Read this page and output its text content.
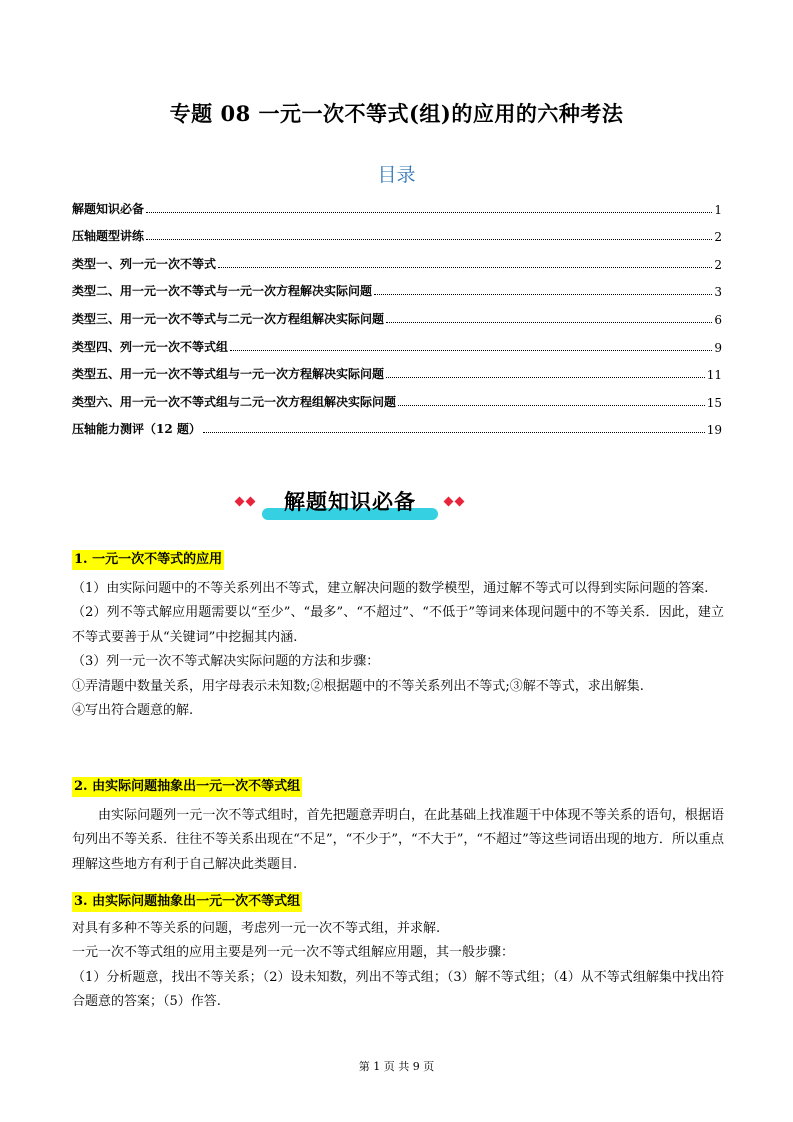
专题 08 一元一次不等式(组)的应用的六种考法
目录
解题知识必备	1
压轴题型讲练	2
类型一、列一元一次不等式	2
类型二、用一元一次不等式与一元一次方程解决实际问题	3
类型三、用一元一次不等式与二元一次方程组解决实际问题	6
类型四、列一元一次不等式组	9
类型五、用一元一次不等式组与一元一次方程解决实际问题	11
类型六、用一元一次不等式组与二元一次方程组解决实际问题	15
压轴能力测评（12 题）	19
解题知识必备
1. 一元一次不等式的应用

（1）由实际问题中的不等关系列出不等式，建立解决问题的数学模型，通过解不等式可以得到实际问题的答案.

（2）列不等式解应用题需要以“至少”、“最多”、“不超过”、“不低于”等词来体现问题中的不等关系．因此，建立不等式要善于从“关键词”中挖掘其内涵.

（3）列一元一次不等式解决实际问题的方法和步骤：

①弄清题中数量关系，用字母表示未知数;②根据题中的不等关系列出不等式;③解不等式，求出解集.

④写出符合题意的解.

2. 由实际问题抽象出一元一次不等式组

由实际问题列一元一次不等式组时，首先把题意弄明白，在此基础上找准题干中体现不等关系的语句，根据语句列出不等关系．往往不等关系出现在“不足”，“不少于”，“不大于”，“不超过”等这些词语出现的地方．所以重点理解这些地方有利于自己解决此类题目.

3. 由实际问题抽象出一元一次不等式组

对具有多种不等关系的问题，考虑列一元一次不等式组，并求解.

一元一次不等式组的应用主要是列一元一次不等式组解应用题，其一般步骤：

（1）分析题意，找出不等关系；（2）设未知数，列出不等式组；（3）解不等式组；（4）从不等式组解集中找出符合题意的答案；（5）作答.

第 1 页 共 9 页
